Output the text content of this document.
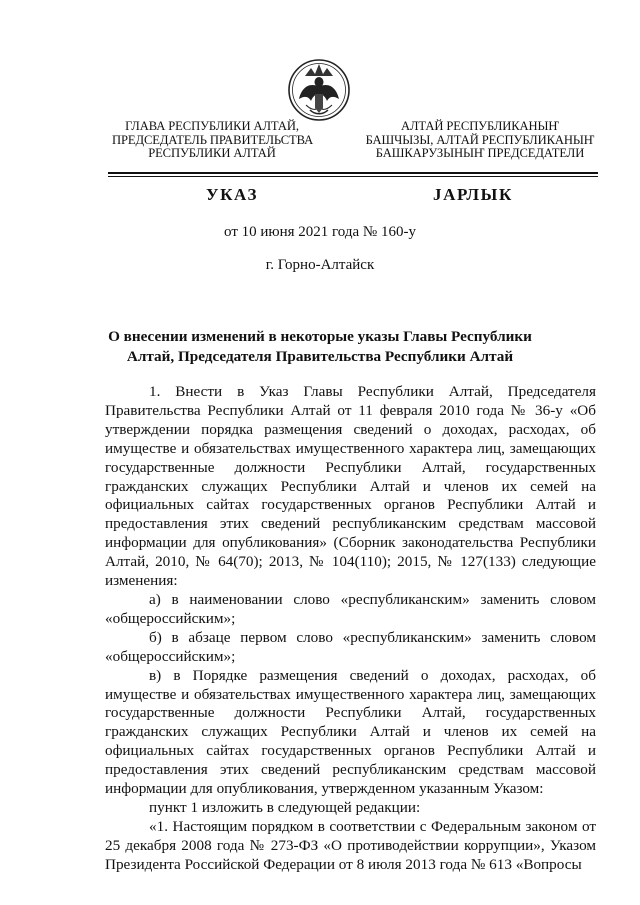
ГЛАВА РЕСПУБЛИКИ АЛТАЙ,
ПРЕДСЕДАТЕЛЬ ПРАВИТЕЛЬСТВА
РЕСПУБЛИКИ АЛТАЙ
АЛТАЙ РЕСПУБЛИКАНЫҤ
БАШЧЫЗЫ, АЛТАЙ РЕСПУБЛИКАНЫҤ
БАШКАРУЗЫНЫҤ ПРЕДСЕДАТЕЛИ
УКАЗ	JАРЛЫК
от 10 июня 2021 года № 160-у
г. Горно-Алтайск
О внесении изменений в некоторые указы Главы Республики
Алтай, Председателя Правительства Республики Алтай

1. Внести в Указ Главы Республики Алтай, Председателя Правительства Республики Алтай от 11 февраля 2010 года № 36-у «Об утверждении порядка размещения сведений о доходах, расходах, об имуществе и обязательствах имущественного характера лиц, замещающих государственные должности Республики Алтай, государственных гражданских служащих Республики Алтай и членов их семей на официальных сайтах государственных органов Республики Алтай и предоставления этих сведений республиканским средствам массовой информации для опубликования» (Сборник законодательства Республики Алтай, 2010, № 64(70); 2013, № 104(110); 2015, № 127(133) следующие изменения:

а) в наименовании слово «республиканским» заменить словом «общероссийским»;

б) в абзаце первом слово «республиканским» заменить словом «общероссийским»;

в) в Порядке размещения сведений о доходах, расходах, об имуществе и обязательствах имущественного характера лиц, замещающих государственные должности Республики Алтай, государственных гражданских служащих Республики Алтай и членов их семей на официальных сайтах государственных органов Республики Алтай и предоставления этих сведений республиканским средствам массовой информации для опубликования, утвержденном указанным Указом:

пункт 1 изложить в следующей редакции:

«1. Настоящим порядком в соответствии с Федеральным законом от 25 декабря 2008 года № 273-ФЗ «О противодействии коррупции», Указом Президента Российской Федерации от 8 июля 2013 года № 613 «Вопросы
